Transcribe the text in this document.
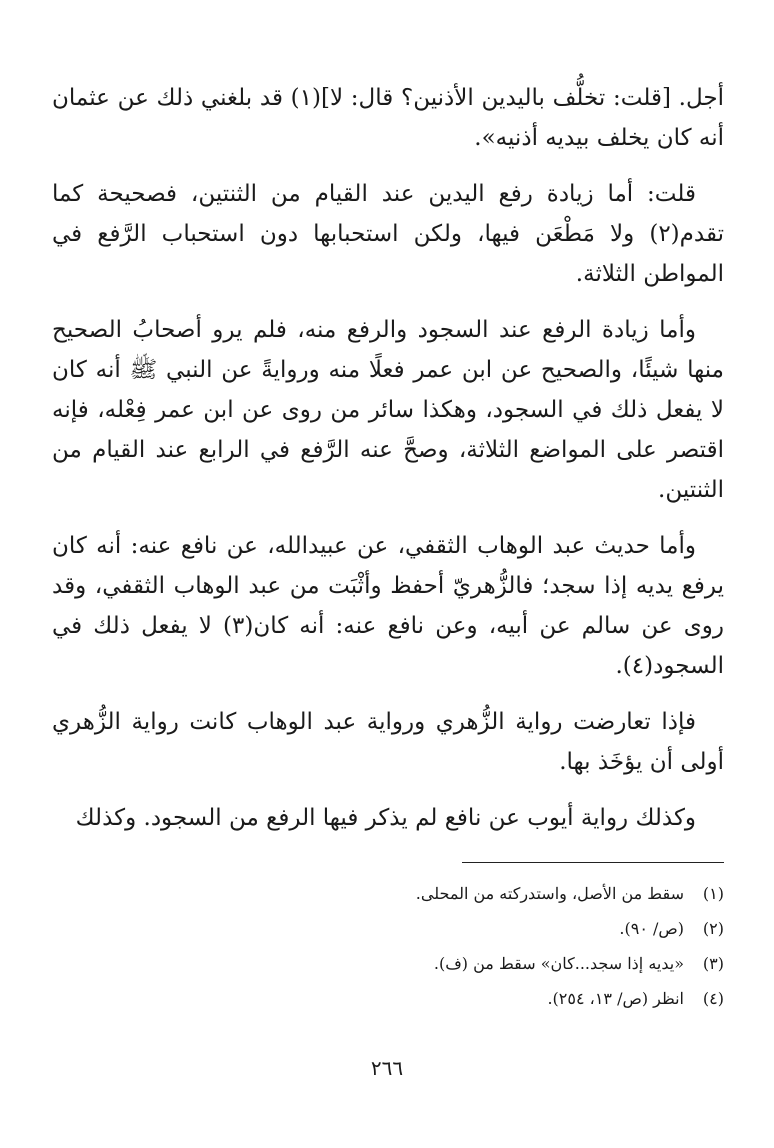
أجل. [قلت: تخلُّف باليدين الأذنين؟ قال: لا](١) قد بلغني ذلك عن عثمان أنه كان يخلف بيديه أذنيه».

قلت: أما زيادة رفع اليدين عند القيام من الثنتين، فصحيحة كما تقدم(٢) ولا مَطْعَن فيها، ولكن استحبابها دون استحباب الرَّفع في المواطن الثلاثة.

وأما زيادة الرفع عند السجود والرفع منه، فلم يرو أصحابُ الصحيح منها شيئًا، والصحيح عن ابن عمر فعلًا منه وروايةً عن النبي ﷺ أنه كان لا يفعل ذلك في السجود، وهكذا سائر من روى عن ابن عمر فِعْله، فإنه اقتصر على المواضع الثلاثة، وصحَّ عنه الرَّفع في الرابع عند القيام من الثنتين.

وأما حديث عبد الوهاب الثقفي، عن عبيدالله، عن نافع عنه: أنه كان يرفع يديه إذا سجد؛ فالزُّهريّ أحفظ وأثْبَت من عبد الوهاب الثقفي، وقد روى عن سالم عن أبيه، وعن نافع عنه: أنه كان(٣) لا يفعل ذلك في السجود(٤).

فإذا تعارضت رواية الزُّهري ورواية عبد الوهاب كانت رواية الزُّهري أولى أن يؤخَذ بها.

وكذلك رواية أيوب عن نافع لم يذكر فيها الرفع من السجود. وكذلك

(١)سقط من الأصل، واستدركته من المحلى.
(٢)(ص/ ٩٠).
(٣)«يديه إذا سجد...كان» سقط من (ف).
(٤)انظر (ص/ ١٣، ٢٥٤).
٢٦٦
